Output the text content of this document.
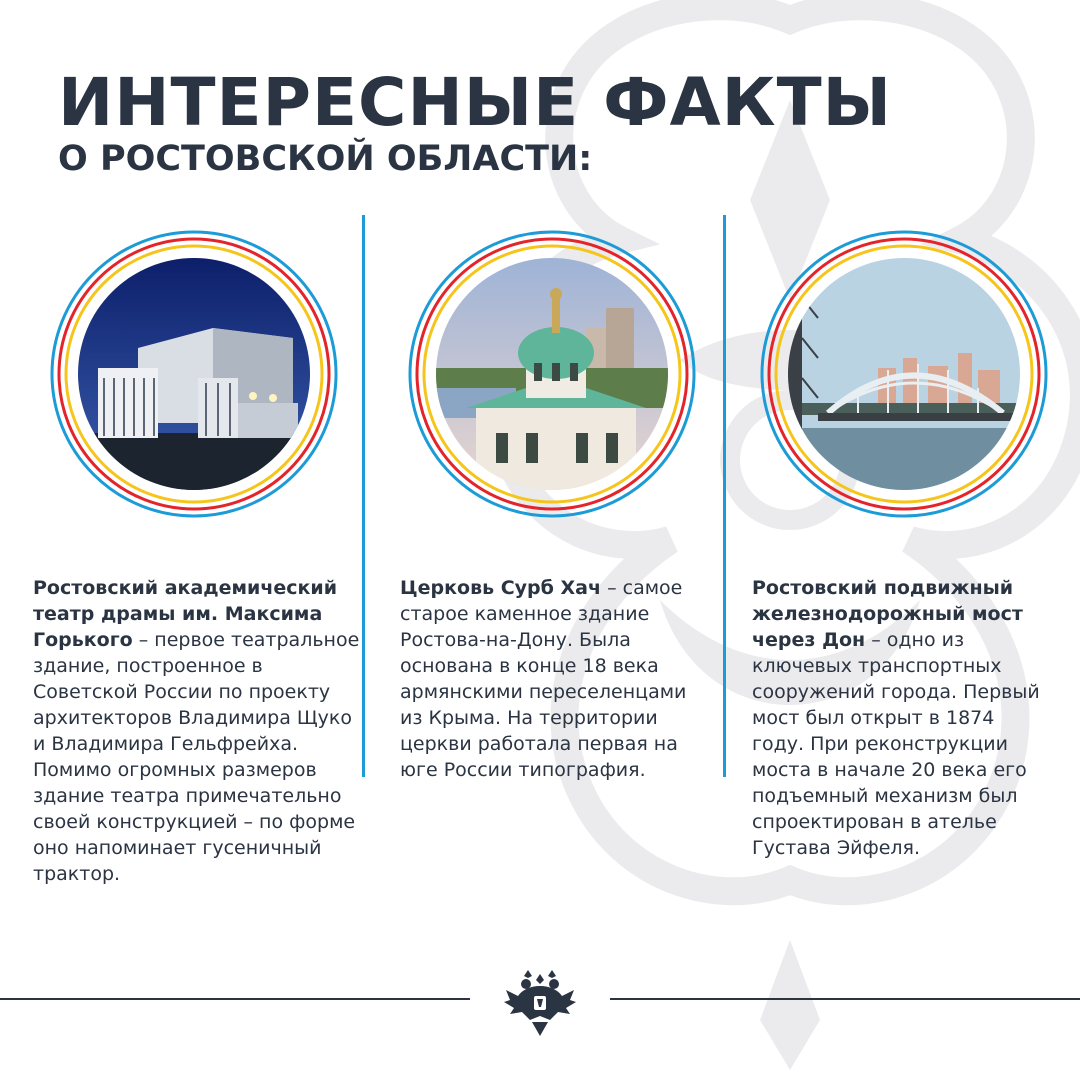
ИНТЕРЕСНЫЕ ФАКТЫ
О РОСТОВСКОЙ ОБЛАСТИ:

Ростовский академический театр драмы им. Максима Горького – первое театральное здание, построенное в Советской России по проекту архитекторов Владимира Щуко и Владимира Гельфрейха. Помимо огромных размеров здание театра примечательно своей конструкцией – по форме оно напоминает гусеничный трактор.

Церковь Сурб Хач – самое старое каменное здание Ростова-на-Дону. Была основана в конце 18 века армянскими переселенцами из Крыма. На территории церкви работала первая на юге России типография.

Ростовский подвижный железнодорожный мост через Дон – одно из ключевых транспортных сооружений города. Первый мост был открыт в 1874 году. При реконструкции моста в начале 20 века его подъемный механизм был спроектирован в ателье Густава Эйфеля.
